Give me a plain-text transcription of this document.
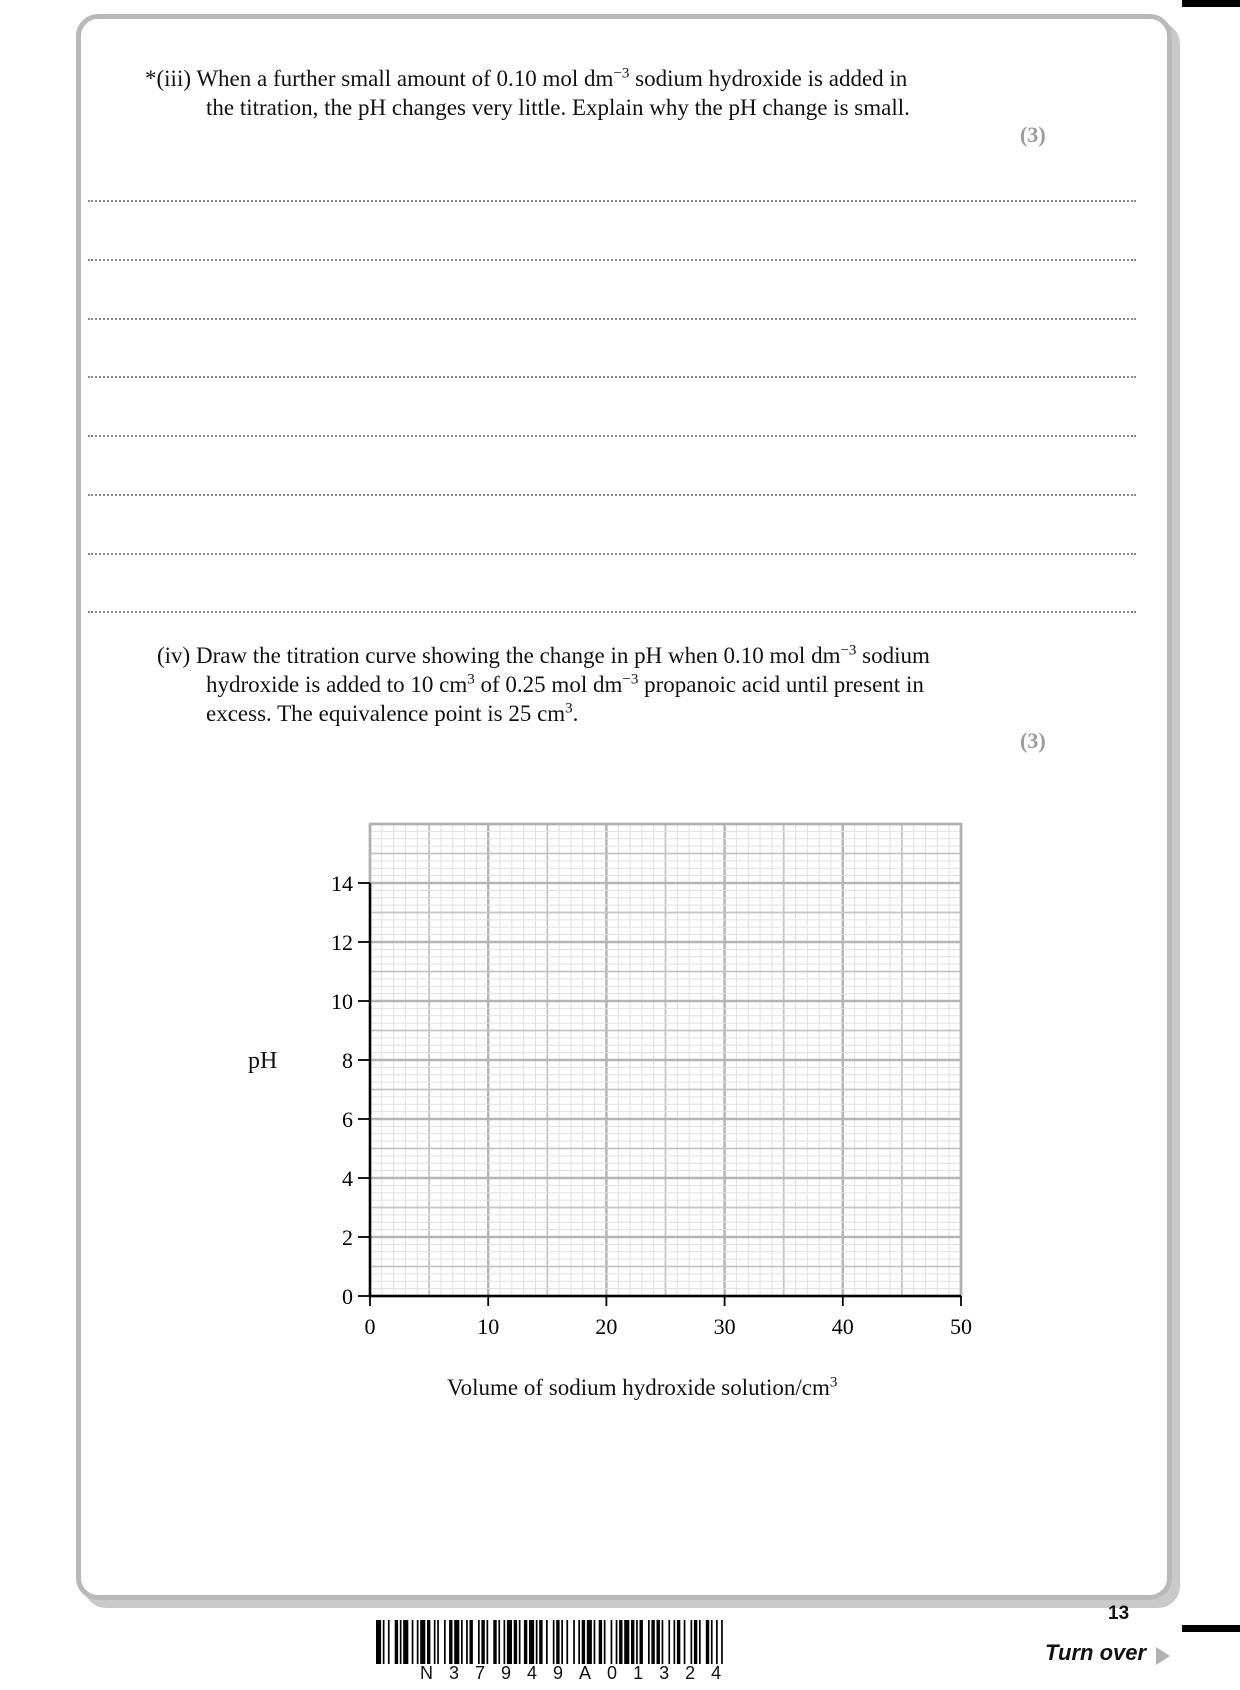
*(iii) When a further small amount of 0.10 mol $dm^{-3}$ sodium hydroxide is added in
the titration, the pH changes very little. Explain why the pH change is small.
(3)
(iv) Draw the titration curve showing the change in pH when 0.10 mol $dm^{-3}$ sodium
hydroxide is added to 10 $cm^3$ of 0.25 mol $dm^{-3}$ propanoic acid until present in
excess. The equivalence point is 25 $cm^3$.
(3)
0
2
4
6
8
10
12
14
0	10	20	30	40	50
pH
Volume of sodium hydroxide solution/$cm^3$
13
Turn over
N37949A01324
